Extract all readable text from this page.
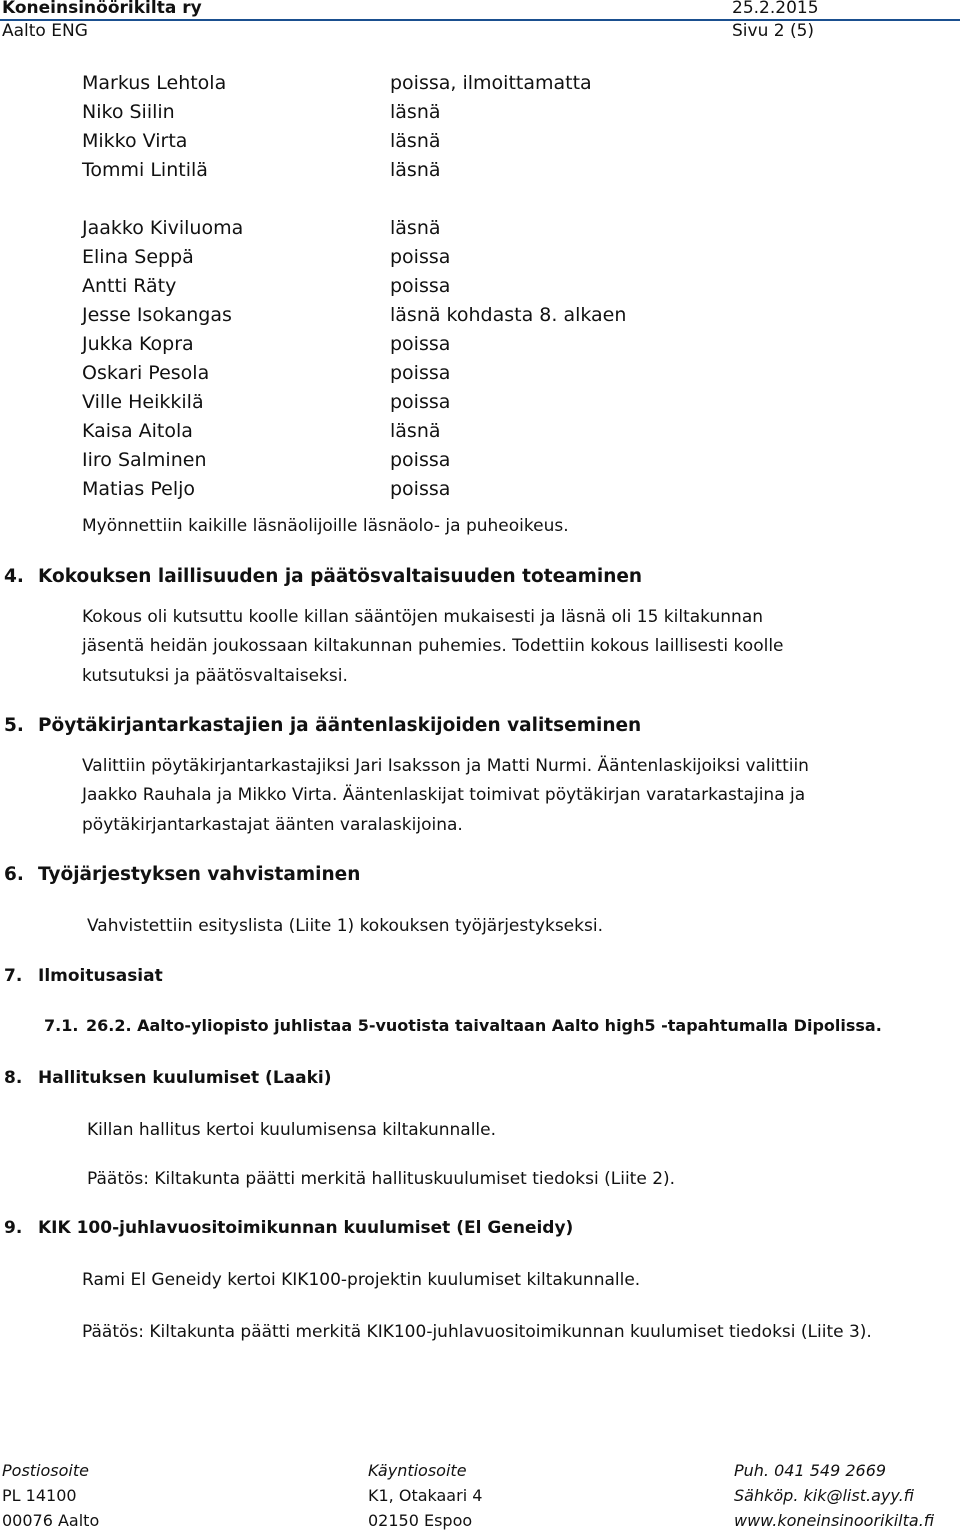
Koneinsinöörikilta ry	25.2.2015
Aalto ENG	Sivu 2 (5)
Markus Lehtola	poissa, ilmoittamatta
Niko Siilin	läsnä
Mikko Virta	läsnä
Tommi Lintilä	läsnä
Jaakko Kiviluoma	läsnä
Elina Seppä	poissa
Antti Räty	poissa
Jesse Isokangas	läsnä kohdasta 8. alkaen
Jukka Kopra	poissa
Oskari Pesola	poissa
Ville Heikkilä	poissa
Kaisa Aitola	läsnä
Iiro Salminen	poissa
Matias Peljo	poissa
Myönnettiin kaikille läsnäolijoille läsnäolo- ja puheoikeus.
4. Kokouksen laillisuuden ja päätösvaltaisuuden toteaminen
Kokous oli kutsuttu koolle killan sääntöjen mukaisesti ja läsnä oli 15 kiltakunnan
jäsentä heidän joukossaan kiltakunnan puhemies. Todettiin kokous laillisesti koolle
kutsutuksi ja päätösvaltaiseksi.
5. Pöytäkirjantarkastajien ja ääntenlaskijoiden valitseminen
Valittiin pöytäkirjantarkastajiksi Jari Isaksson ja Matti Nurmi. Ääntenlaskijoiksi valittiin
Jaakko Rauhala ja Mikko Virta. Ääntenlaskijat toimivat pöytäkirjan varatarkastajina ja
pöytäkirjantarkastajat äänten varalaskijoina.
6. Työjärjestyksen vahvistaminen
Vahvistettiin esityslista (Liite 1) kokouksen työjärjestykseksi.
7. Ilmoitusasiat
7.1. 26.2. Aalto-yliopisto juhlistaa 5-vuotista taivaltaan Aalto high5 -tapahtumalla Dipolissa.
8. Hallituksen kuulumiset (Laaki)
Killan hallitus kertoi kuulumisensa kiltakunnalle.
Päätös: Kiltakunta päätti merkitä hallituskuulumiset tiedoksi (Liite 2).
9. KIK 100-juhlavuositoimikunnan kuulumiset (El Geneidy)
Rami El Geneidy kertoi KIK100-projektin kuulumiset kiltakunnalle.
Päätös: Kiltakunta päätti merkitä KIK100-juhlavuositoimikunnan kuulumiset tiedoksi (Liite 3).
Postiosoite
PL 14100
00076 Aalto
Käyntiosoite
K1, Otakaari 4
02150 Espoo
Puh. 041 549 2669
Sähköp. kik@list.ayy.fi
www.koneinsinoorikilta.fi
